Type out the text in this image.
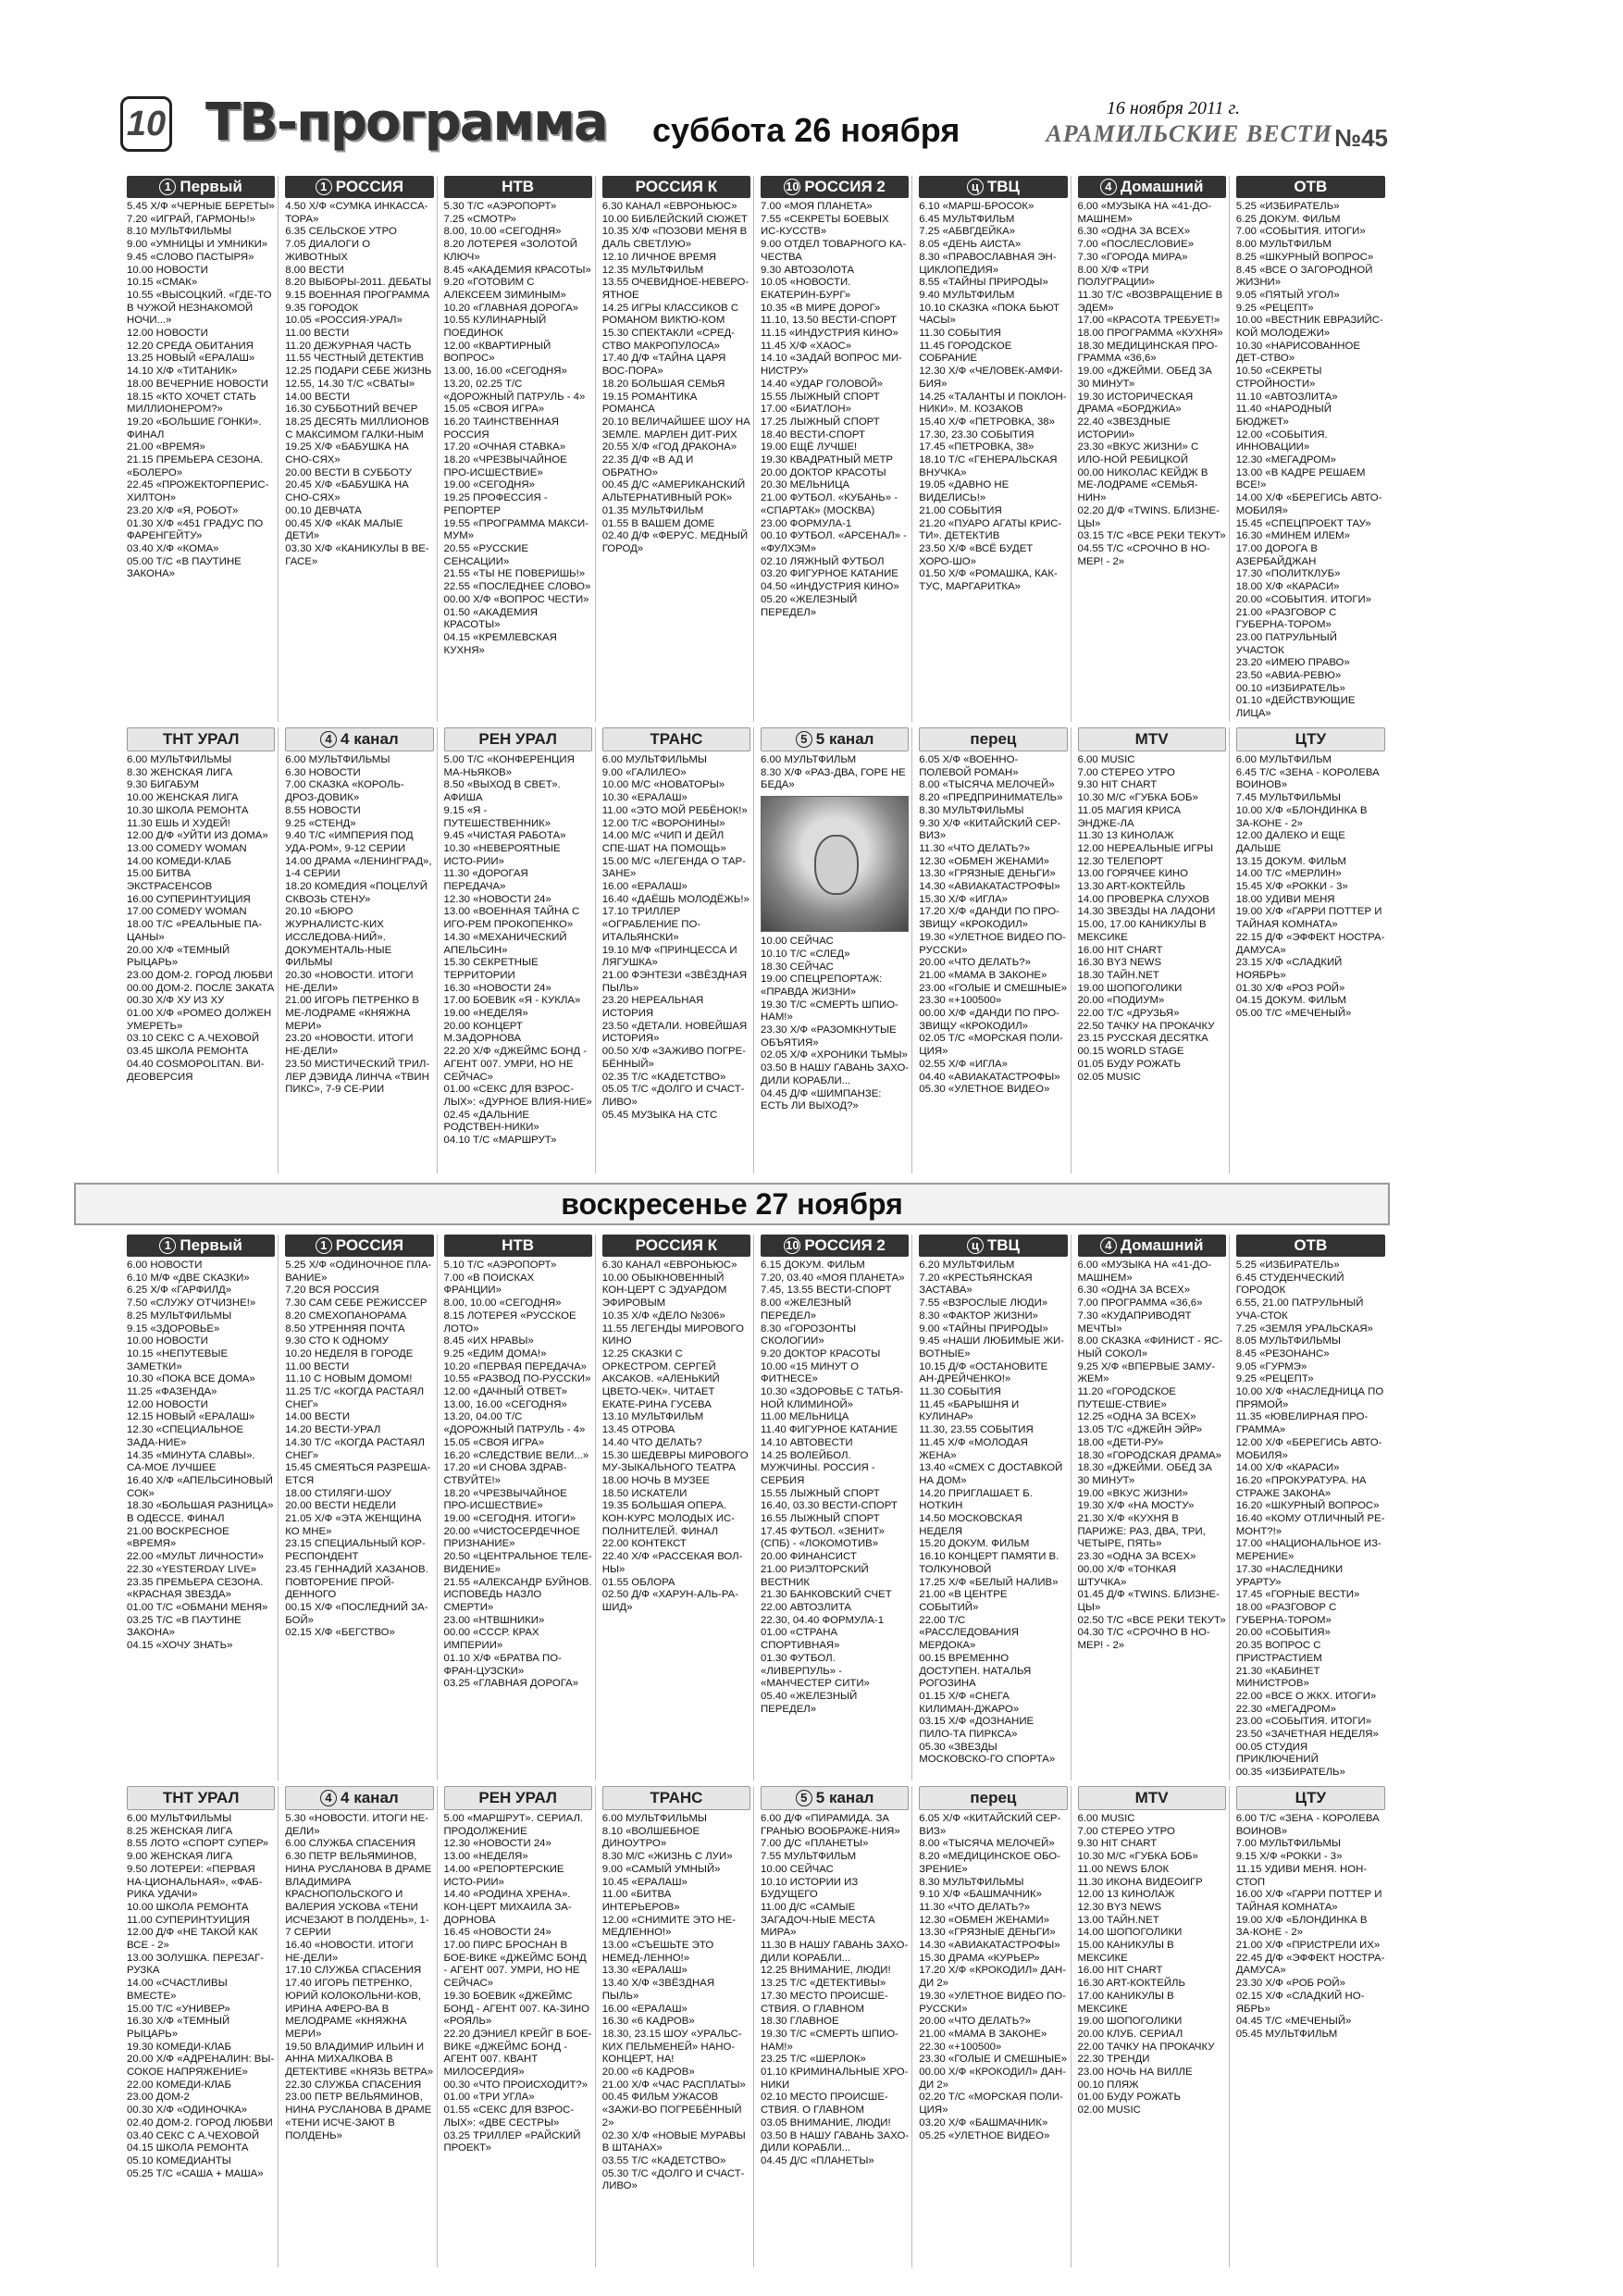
10 ТВ-программа суббота 26 ноября
16 ноября 2011 г.
АРАМИЛЬСКИЕ ВЕСТИ №45
1 Первый

5.45 Х/Ф «ЧЕРНЫЕ БЕРЕТЫ»

7.20 «ИГРАЙ, ГАРМОНЬ!»

8.10 МУЛЬТФИЛЬМЫ

9.00 «УМНИЦЫ И УМНИКИ»

9.45 «СЛОВО ПАСТЫРЯ»

10.00 НОВОСТИ

10.15 «СМАК»

10.55 «ВЫСОЦКИЙ. «ГДЕ-ТО В ЧУЖОЙ НЕЗНАКОМОЙ НОЧИ...»

12.00 НОВОСТИ

12.20 СРЕДА ОБИТАНИЯ

13.25 НОВЫЙ «ЕРАЛАШ»

14.10 Х/Ф «ТИТАНИК»

18.00 ВЕЧЕРНИЕ НОВОСТИ

18.15 «КТО ХОЧЕТ СТАТЬ МИЛЛИОНЕРОМ?»

19.20 «БОЛЬШИЕ ГОНКИ». ФИНАЛ

21.00 «ВРЕМЯ»

21.15 ПРЕМЬЕРА СЕЗОНА. «БОЛЕРО»

22.45 «ПРОЖЕКТОРПЕРИС-ХИЛТОН»

23.20 Х/Ф «Я, РОБОТ»

01.30 Х/Ф «451 ГРАДУС ПО ФАРЕНГЕЙТУ»

03.40 Х/Ф «КОМА»

05.00 Т/С «В ПАУТИНЕ ЗАКОНА»

1 РОССИЯ

4.50 Х/Ф «СУМКА ИНКАССА-ТОРА»

6.35 СЕЛЬСКОЕ УТРО

7.05 ДИАЛОГИ О ЖИВОТНЫХ

8.00 ВЕСТИ

8.20 ВЫБОРЫ-2011. ДЕБАТЫ

9.15 ВОЕННАЯ ПРОГРАММА

9.35 ГОРОДОК

10.05 «РОССИЯ-УРАЛ»

11.00 ВЕСТИ

11.20 ДЕЖУРНАЯ ЧАСТЬ

11.55 ЧЕСТНЫЙ ДЕТЕКТИВ

12.25 ПОДАРИ СЕБЕ ЖИЗНЬ

12.55, 14.30 Т/С «СВАТЫ»

14.00 ВЕСТИ

16.30 СУББОТНИЙ ВЕЧЕР

18.25 ДЕСЯТЬ МИЛЛИОНОВ С МАКСИМОМ ГАЛКИ-НЫМ

19.25 Х/Ф «БАБУШКА НА СНО-СЯХ»

20.00 ВЕСТИ В СУББОТУ

20.45 Х/Ф «БАБУШКА НА СНО-СЯХ»

00.10 ДЕВЧАТА

00.45 Х/Ф «КАК МАЛЫЕ ДЕТИ»

03.30 Х/Ф «КАНИКУЛЫ В ВЕ-ГАСЕ»

НТВ

5.30 Т/С «АЭРОПОРТ»

7.25 «СМОТР»

8.00, 10.00 «СЕГОДНЯ»

8.20 ЛОТЕРЕЯ «ЗОЛОТОЙ КЛЮЧ»

8.45 «АКАДЕМИЯ КРАСОТЫ»

9.20 «ГОТОВИМ С АЛЕКСЕЕМ ЗИМИНЫМ»

10.20 «ГЛАВНАЯ ДОРОГА»

10.55 КУЛИНАРНЫЙ ПОЕДИНОК

12.00 «КВАРТИРНЫЙ ВОПРОС»

13.00, 16.00 «СЕГОДНЯ»

13.20, 02.25 Т/С «ДОРОЖНЫЙ ПАТРУЛЬ - 4»

15.05 «СВОЯ ИГРА»

16.20 ТАИНСТВЕННАЯ РОССИЯ

17.20 «ОЧНАЯ СТАВКА»

18.20 «ЧРЕЗВЫЧАЙНОЕ ПРО-ИСШЕСТВИЕ»

19.00 «СЕГОДНЯ»

19.25 ПРОФЕССИЯ - РЕПОРТЕР

19.55 «ПРОГРАММА МАКСИ-МУМ»

20.55 «РУССКИЕ СЕНСАЦИИ»

21.55 «ТЫ НЕ ПОВЕРИШЬ!»

22.55 «ПОСЛЕДНЕЕ СЛОВО»

00.00 Х/Ф «ВОПРОС ЧЕСТИ»

01.50 «АКАДЕМИЯ КРАСОТЫ»

04.15 «КРЕМЛЕВСКАЯ КУХНЯ»

РОССИЯ К

6.30 КАНАЛ «ЕВРОНЬЮС»

10.00 БИБЛЕЙСКИЙ СЮЖЕТ

10.35 Х/Ф «ПОЗОВИ МЕНЯ В ДАЛЬ СВЕТЛУЮ»

12.10 ЛИЧНОЕ ВРЕМЯ

12.35 МУЛЬТФИЛЬМ

13.55 ОЧЕВИДНОЕ-НЕВЕРО-ЯТНОЕ

14.25 ИГРЫ КЛАССИКОВ С РОМАНОМ ВИКТЮ-КОМ

15.30 СПЕКТАКЛИ «СРЕД-СТВО МАКРОПУЛОСА»

17.40 Д/Ф «ТАЙНА ЦАРЯ ВОС-ПОРА»

18.20 БОЛЬШАЯ СЕМЬЯ

19.15 РОМАНТИКА РОМАНСА

20.10 ВЕЛИЧАЙШЕЕ ШОУ НА ЗЕМЛЕ. МАРЛЕН ДИТ-РИХ

20.55 Х/Ф «ГОД ДРАКОНА»

22.35 Д/Ф «В АД И ОБРАТНО»

00.45 Д/С «АМЕРИКАНСКИЙ АЛЬТЕРНАТИВНЫЙ РОК»

01.35 МУЛЬТФИЛЬМ

01.55 В ВАШЕМ ДОМЕ

02.40 Д/Ф «ФЕРУС. МЕДНЫЙ ГОРОД»

10 РОССИЯ 2

7.00 «МОЯ ПЛАНЕТА»

7.55 «СЕКРЕТЫ БОЕВЫХ ИС-КУССТВ»

9.00 ОТДЕЛ ТОВАРНОГО КА-ЧЕСТВА

9.30 АВТОЗОЛОТА

10.05 «НОВОСТИ. ЕКАТЕРИН-БУРГ»

10.35 «В МИРЕ ДОРОГ»

11.10, 13.50 ВЕСТИ-СПОРТ

11.15 «ИНДУСТРИЯ КИНО»

11.45 Х/Ф «ХАОС»

14.10 «ЗАДАЙ ВОПРОС МИ-НИСТРУ»

14.40 «УДАР ГОЛОВОЙ»

15.55 ЛЫЖНЫЙ СПОРТ

17.00 «БИАТЛОН»

17.25 ЛЫЖНЫЙ СПОРТ

18.40 ВЕСТИ-СПОРТ

19.00 ЕЩЁ ЛУЧШЕ!

19.30 КВАДРАТНЫЙ МЕТР

20.00 ДОКТОР КРАСОТЫ

20.30 МЕЛЬНИЦА

21.00 ФУТБОЛ. «КУБАНЬ» - «СПАРТАК» (МОСКВА)

23.00 ФОРМУЛА-1

00.10 ФУТБОЛ. «АРСЕНАЛ» - «ФУЛХЭМ»

02.10 ЛЯЖНЫЙ ФУТБОЛ

03.20 ФИГУРНОЕ КАТАНИЕ

04.50 «ИНДУСТРИЯ КИНО»

05.20 «ЖЕЛЕЗНЫЙ ПЕРЕДЕЛ»

ц ТВЦ

6.10 «МАРШ-БРОСОК»

6.45 МУЛЬТФИЛЬМ

7.25 «АБВГДЕЙКА»

8.05 «ДЕНЬ АИСТА»

8.30 «ПРАВОСЛАВНАЯ ЭН-ЦИКЛОПЕДИЯ»

8.55 «ТАЙНЫ ПРИРОДЫ»

9.40 МУЛЬТФИЛЬМ

10.10 СКАЗКА «ПОКА БЬЮТ ЧАСЫ»

11.30 СОБЫТИЯ

11.45 ГОРОДСКОЕ СОБРАНИЕ

12.30 Х/Ф «ЧЕЛОВЕК-АМФИ-БИЯ»

14.25 «ТАЛАНТЫ И ПОКЛОН-НИКИ». М. КОЗАКОВ

15.40 Х/Ф «ПЕТРОВКА, 38»

17.30, 23.30 СОБЫТИЯ

17.45 «ПЕТРОВКА, 38»

18.10 Т/С «ГЕНЕРАЛЬСКАЯ ВНУЧКА»

19.05 «ДАВНО НЕ ВИДЕЛИСЬ!»

21.00 СОБЫТИЯ

21.20 «ПУАРО АГАТЫ КРИС-ТИ». ДЕТЕКТИВ

23.50 Х/Ф «ВСЁ БУДЕТ ХОРО-ШО»

01.50 Х/Ф «РОМАШКА, КАК-ТУС, МАРГАРИТКА»

4 Домашний

6.00 «МУЗЫКА НА «41-ДО-МАШНЕМ»

6.30 «ОДНА ЗА ВСЕХ»

7.00 «ПОСЛЕСЛОВИЕ»

7.30 «ГОРОДА МИРА»

8.00 Х/Ф «ТРИ ПОЛУГРАЦИИ»

11.30 Т/С «ВОЗВРАЩЕНИЕ В ЭДЕМ»

17.00 «КРАСОТА ТРЕБУЕТ!»

18.00 ПРОГРАММА «КУХНЯ»

18.30 МЕДИЦИНСКАЯ ПРО-ГРАММА «36,6»

19.00 «ДЖЕЙМИ. ОБЕД ЗА 30 МИНУТ»

19.30 ИСТОРИЧЕСКАЯ ДРАМА «БОРДЖИА»

22.40 «ЗВЕЗДНЫЕ ИСТОРИИ»

23.30 «ВКУС ЖИЗНИ» С ИЛО-НОЙ РЕБИЦКОЙ

00.00 НИКОЛАС КЕЙДЖ В МЕ-ЛОДРАМЕ «СЕМЬЯ-НИН»

02.20 Д/Ф «TWINS. БЛИЗНЕ-ЦЫ»

03.15 Т/С «ВСЕ РЕКИ ТЕКУТ»

04.55 Т/С «СРОЧНО В НО-МЕР! - 2»

ОТВ

5.25 «ИЗБИРАТЕЛЬ»

6.25 ДОКУМ. ФИЛЬМ

7.00 «СОБЫТИЯ. ИТОГИ»

8.00 МУЛЬТФИЛЬМ

8.25 «ШКУРНЫЙ ВОПРОС»

8.45 «ВСЕ О ЗАГОРОДНОЙ ЖИЗНИ»

9.05 «ПЯТЫЙ УГОЛ»

9.25 «РЕЦЕПТ»

10.00 «ВЕСТНИК ЕВРАЗИЙС-КОЙ МОЛОДЕЖИ»

10.30 «НАРИСОВАННОЕ ДЕТ-СТВО»

10.50 «СЕКРЕТЫ СТРОЙНОСТИ»

11.10 «АВТОЗЛИТА»

11.40 «НАРОДНЫЙ БЮДЖЕТ»

12.00 «СОБЫТИЯ. ИННОВАЦИИ»

12.30 «МЕГАДРОМ»

13.00 «В КАДРЕ РЕШАЕМ ВСЕ!»

14.00 Х/Ф «БЕРЕГИСЬ АВТО-МОБИЛЯ»

15.45 «СПЕЦПРОЕКТ ТАУ»

16.30 «МИНЕМ ИЛЕМ»

17.00 ДОРОГА В АЗЕРБАЙДЖАН

17.30 «ПОЛИТКЛУБ»

18.00 Х/Ф «КАРАСИ»

20.00 «СОБЫТИЯ. ИТОГИ»

21.00 «РАЗГОВОР С ГУБЕРНА-ТОРОМ»

23.00 ПАТРУЛЬНЫЙ УЧАСТОК

23.20 «ИМЕЮ ПРАВО»

23.50 «АВИА-РЕВЮ»

00.10 «ИЗБИРАТЕЛЬ»

01.10 «ДЕЙСТВУЮЩИЕ ЛИЦА»

ТНТ УРАЛ

6.00 МУЛЬТФИЛЬМЫ

8.30 ЖЕНСКАЯ ЛИГА

9.30 БИГАБУМ

10.00 ЖЕНСКАЯ ЛИГА

10.30 ШКОЛА РЕМОНТА

11.30 ЕШЬ И ХУДЕЙ!

12.00 Д/Ф «УЙТИ ИЗ ДОМА»

13.00 COMEDY WOMAN

14.00 КОМЕДИ-КЛАБ

15.00 БИТВА ЭКСТРАСЕНСОВ

16.00 СУПЕРИНТУИЦИЯ

17.00 COMEDY WOMAN

18.00 Т/С «РЕАЛЬНЫЕ ПА-ЦАНЫ»

20.00 Х/Ф «ТЕМНЫЙ РЫЦАРЬ»

23.00 ДОМ-2. ГОРОД ЛЮБВИ

00.00 ДОМ-2. ПОСЛЕ ЗАКАТА

00.30 Х/Ф ХУ ИЗ ХУ

01.00 Х/Ф «РОМЕО ДОЛЖЕН УМЕРЕТЬ»

03.10 СЕКС С А.ЧЕХОВОЙ

03.45 ШКОЛА РЕМОНТА

04.40 COSMOPOLITAN. ВИ-ДЕОВЕРСИЯ

4 4 канал

6.00 МУЛЬТФИЛЬМЫ

6.30 НОВОСТИ

7.00 СКАЗКА «КОРОЛЬ-ДРОЗ-ДОВИК»

8.55 НОВОСТИ

9.25 «СТЕНД»

9.40 Т/С «ИМПЕРИЯ ПОД УДА-РОМ», 9-12 СЕРИИ

14.00 ДРАМА «ЛЕНИНГРАД», 1-4 СЕРИИ

18.20 КОМЕДИЯ «ПОЦЕЛУЙ СКВОЗЬ СТЕНУ»

20.10 «БЮРО ЖУРНАЛИСТС-КИХ ИССЛЕДОВА-НИЙ». ДОКУМЕНТАЛЬ-НЫЕ ФИЛЬМЫ

20.30 «НОВОСТИ. ИТОГИ НЕ-ДЕЛИ»

21.00 ИГОРЬ ПЕТРЕНКО В МЕ-ЛОДРАМЕ «КНЯЖНА МЕРИ»

23.20 «НОВОСТИ. ИТОГИ НЕ-ДЕЛИ»

23.50 МИСТИЧЕСКИЙ ТРИЛ-ЛЕР ДЭВИДА ЛИНЧА «ТВИН ПИКС», 7-9 СЕ-РИИ

РЕН УРАЛ

5.00 Т/С «КОНФЕРЕНЦИЯ МА-НЬЯКОВ»

8.50 «ВЫХОД В СВЕТ». АФИША

9.15 «Я - ПУТЕШЕСТВЕННИК»

9.45 «ЧИСТАЯ РАБОТА»

10.30 «НЕВЕРОЯТНЫЕ ИСТО-РИИ»

11.30 «ДОРОГАЯ ПЕРЕДАЧА»

12.30 «НОВОСТИ 24»

13.00 «ВОЕННАЯ ТАЙНА С ИГО-РЕМ ПРОКОПЕНКО»

14.30 «МЕХАНИЧЕСКИЙ АПЕЛЬСИН»

15.30 СЕКРЕТНЫЕ ТЕРРИТОРИИ

16.30 «НОВОСТИ 24»

17.00 БОЕВИК «Я - КУКЛА»

19.00 «НЕДЕЛЯ»

20.00 КОНЦЕРТ М.ЗАДОРНОВА

22.20 Х/Ф «ДЖЕЙМС БОНД - АГЕНТ 007. УМРИ, НО НЕ СЕЙЧАС»

01.00 «СЕКС ДЛЯ ВЗРОС-ЛЫХ»: «ДУРНОЕ ВЛИЯ-НИЕ»

02.45 «ДАЛЬНИЕ РОДСТВЕН-НИКИ»

04.10 Т/С «МАРШРУТ»

ТРАНС

6.00 МУЛЬТФИЛЬМЫ

9.00 «ГАЛИЛЕО»

10.00 М/С «НОВАТОРЫ»

10.30 «ЕРАЛАШ»

11.00 «ЭТО МОЙ РЕБЁНОК!»

12.00 Т/С «ВОРОНИНЫ»

14.00 М/С «ЧИП И ДЕЙЛ СПЕ-ШАТ НА ПОМОЩЬ»

15.00 М/С «ЛЕГЕНДА О ТАР-ЗАНЕ»

16.00 «ЕРАЛАШ»

16.40 «ДАЁШЬ МОЛОДЁЖЬ!»

17.10 ТРИЛЛЕР «ОГРАБЛЕНИЕ ПО-ИТАЛЬЯНСКИ»

19.10 М/Ф «ПРИНЦЕССА И ЛЯГУШКА»

21.00 ФЭНТЕЗИ «ЗВЁЗДНАЯ ПЫЛЬ»

23.20 НЕРЕАЛЬНАЯ ИСТОРИЯ

23.50 «ДЕТАЛИ. НОВЕЙШАЯ ИСТОРИЯ»

00.50 Х/Ф «ЗАЖИВО ПОГРЕ-БЁННЫЙ»

02.35 Т/С «КАДЕТСТВО»

05.05 Т/С «ДОЛГО И СЧАСТ-ЛИВО»

05.45 МУЗЫКА НА СТС

5 5 канал

6.00 МУЛЬТФИЛЬМ

8.30 Х/Ф «РАЗ-ДВА, ГОРЕ НЕ БЕДА»

10.00 СЕЙЧАС

10.10 Т/С «СЛЕД»

18.30 СЕЙЧАС

19.00 СПЕЦРЕПОРТАЖ: «ПРАВДА ЖИЗНИ»

19.30 Т/С «СМЕРТЬ ШПИО-НАМ!»

23.30 Х/Ф «РАЗОМКНУТЫЕ ОБЪЯТИЯ»

02.05 Х/Ф «ХРОНИКИ ТЬМЫ»

03.50 В НАШУ ГАВАНЬ ЗАХО-ДИЛИ КОРАБЛИ...

04.45 Д/Ф «ШИМПАНЗЕ: ЕСТЬ ЛИ ВЫХОД?»

перец

6.05 Х/Ф «ВОЕННО-ПОЛЕВОЙ РОМАН»

8.00 «ТЫСЯЧА МЕЛОЧЕЙ»

8.20 «ПРЕДПРИНИМАТЕЛЬ»

8.30 МУЛЬТФИЛЬМЫ

9.30 Х/Ф «КИТАЙСКИЙ СЕР-ВИЗ»

11.30 «ЧТО ДЕЛАТЬ?»

12.30 «ОБМЕН ЖЕНАМИ»

13.30 «ГРЯЗНЫЕ ДЕНЬГИ»

14.30 «АВИАКАТАСТРОФЫ»

15.30 Х/Ф «ИГЛА»

17.20 Х/Ф «ДАНДИ ПО ПРО-ЗВИЩУ «КРОКОДИЛ»

19.30 «УЛЕТНОЕ ВИДЕО ПО-РУССКИ»

20.00 «ЧТО ДЕЛАТЬ?»

21.00 «МАМА В ЗАКОНЕ»

23.00 «ГОЛЫЕ И СМЕШНЫЕ»

23.30 «+100500»

00.00 Х/Ф «ДАНДИ ПО ПРО-ЗВИЩУ «КРОКОДИЛ»

02.05 Т/С «МОРСКАЯ ПОЛИ-ЦИЯ»

02.55 Х/Ф «ИГЛА»

04.40 «АВИАКАТАСТРОФЫ»

05.30 «УЛЕТНОЕ ВИДЕО»

MTV

6.00 MUSIC

7.00 СТЕРЕО УТРО

9.30 HIT CHART

10.30 М/С «ГУБКА БОБ»

11.05 МАГИЯ КРИСА ЭНДЖЕ-ЛА

11.30 13 КИНОЛАЖ

12.00 НЕРЕАЛЬНЫЕ ИГРЫ

12.30 ТЕЛЕПОРТ

13.00 ГОРЯЧЕЕ КИНО

13.30 ART-КОКТЕЙЛЬ

14.00 ПРОВЕРКА СЛУХОВ

14.30 ЗВЕЗДЫ НА ЛАДОНИ

15.00, 17.00 КАНИКУЛЫ В МЕКСИКЕ

16.00 HIT CHART

16.30 BY3 NEWS

18.30 ТАЙН.NET

19.00 ШОПОГОЛИКИ

20.00 «ПОДИУМ»

22.00 Т/С «ДРУЗЬЯ»

22.50 ТАЧКУ НА ПРОКАЧКУ

23.15 РУССКАЯ ДЕСЯТКА

00.15 WORLD STAGE

01.05 БУДУ РОЖАТЬ

02.05 MUSIC

ЦТУ

6.00 МУЛЬТФИЛЬМ

6.45 Т/С «ЗЕНА - КОРОЛЕВА ВОИНОВ»

7.45 МУЛЬТФИЛЬМЫ

10.00 Х/Ф «БЛОНДИНКА В ЗА-КОНЕ - 2»

12.00 ДАЛЕКО И ЕЩЕ ДАЛЬШЕ

13.15 ДОКУМ. ФИЛЬМ

14.00 Т/С «МЕРЛИН»

15.45 Х/Ф «РОККИ - 3»

18.00 УДИВИ МЕНЯ

19.00 Х/Ф «ГАРРИ ПОТТЕР И ТАЙНАЯ КОМНАТА»

22.15 Д/Ф «ЭФФЕКТ НОСТРА-ДАМУСА»

23.15 Х/Ф «СЛАДКИЙ НОЯБРЬ»

01.30 Х/Ф «РОЗ РОЙ»

04.15 ДОКУМ. ФИЛЬМ

05.00 Т/С «МЕЧЕНЫЙ»

воскресенье 27 ноября
1 Первый

6.00 НОВОСТИ

6.10 М/Ф «ДВЕ СКАЗКИ»

6.25 Х/Ф «ГАРФИЛД»

7.50 «СЛУЖУ ОТЧИЗНЕ!»

8.25 МУЛЬТФИЛЬМЫ

9.15 «ЗДОРОВЬЕ»

10.00 НОВОСТИ

10.15 «НЕПУТЕВЫЕ ЗАМЕТКИ»

10.30 «ПОКА ВСЕ ДОМА»

11.25 «ФАЗЕНДА»

12.00 НОВОСТИ

12.15 НОВЫЙ «ЕРАЛАШ»

12.30 «СПЕЦИАЛЬНОЕ ЗАДА-НИЕ»

14.35 «МИНУТА СЛАВЫ». СА-МОЕ ЛУЧШЕЕ

16.40 Х/Ф «АПЕЛЬСИНОВЫЙ СОК»

18.30 «БОЛЬШАЯ РАЗНИЦА» В ОДЕССЕ. ФИНАЛ

21.00 ВОСКРЕСНОЕ «ВРЕМЯ»

22.00 «МУЛЬТ ЛИЧНОСТИ»

22.30 «YESTERDAY LIVE»

23.35 ПРЕМЬЕРА СЕЗОНА. «КРАСНАЯ ЗВЕЗДА»

01.00 Т/С «ОБМАНИ МЕНЯ»

03.25 Т/С «В ПАУТИНЕ ЗАКОНА»

04.15 «ХОЧУ ЗНАТЬ»

1 РОССИЯ

5.25 Х/Ф «ОДИНОЧНОЕ ПЛА-ВАНИЕ»

7.20 ВСЯ РОССИЯ

7.30 САМ СЕБЕ РЕЖИССЕР

8.20 СМЕХОПАНОРАМА

8.50 УТРЕННЯЯ ПОЧТА

9.30 СТО К ОДНОМУ

10.20 НЕДЕЛЯ В ГОРОДЕ

11.00 ВЕСТИ

11.10 С НОВЫМ ДОМОМ!

11.25 Т/С «КОГДА РАСТАЯЛ СНЕГ»

14.00 ВЕСТИ

14.20 ВЕСТИ-УРАЛ

14.30 Т/С «КОГДА РАСТАЯЛ СНЕГ»

15.45 СМЕЯТЬСЯ РАЗРЕША-ЕТСЯ

18.00 СТИЛЯГИ-ШОУ

20.00 ВЕСТИ НЕДЕЛИ

21.05 Х/Ф «ЭТА ЖЕНЩИНА КО МНЕ»

23.15 СПЕЦИАЛЬНЫЙ КОР-РЕСПОНДЕНТ

23.45 ГЕННАДИЙ ХАЗАНОВ. ПОВТОРЕНИЕ ПРОЙ-ДЕННОГО

00.15 Х/Ф «ПОСЛЕДНИЙ ЗА-БОЙ»

02.15 Х/Ф «БЕГСТВО»

НТВ

5.10 Т/С «АЭРОПОРТ»

7.00 «В ПОИСКАХ ФРАНЦИИ»

8.00, 10.00 «СЕГОДНЯ»

8.15 ЛОТЕРЕЯ «РУССКОЕ ЛОТО»

8.45 «ИХ НРАВЫ»

9.25 «ЕДИМ ДОМА!»

10.20 «ПЕРВАЯ ПЕРЕДАЧА»

10.55 «РАЗВОД ПО-РУССКИ»

12.00 «ДАЧНЫЙ ОТВЕТ»

13.00, 16.00 «СЕГОДНЯ»

13.20, 04.00 Т/С «ДОРОЖНЫЙ ПАТРУЛЬ - 4»

15.05 «СВОЯ ИГРА»

16.20 «СЛЕДСТВИЕ ВЕЛИ...»

17.20 «И СНОВА ЗДРАВ-СТВУЙТЕ!»

18.20 «ЧРЕЗВЫЧАЙНОЕ ПРО-ИСШЕСТВИЕ»

19.00 «СЕГОДНЯ. ИТОГИ»

20.00 «ЧИСТОСЕРДЕЧНОЕ ПРИЗНАНИЕ»

20.50 «ЦЕНТРАЛЬНОЕ ТЕЛЕ-ВИДЕНИЕ»

21.55 «АЛЕКСАНДР БУЙНОВ. ИСПОВЕДЬ НАЗЛО СМЕРТИ»

23.00 «НТВШНИКИ»

00.00 «СССР. КРАХ ИМПЕРИИ»

01.10 Х/Ф «БРАТВА ПО-ФРАН-ЦУЗСКИ»

03.25 «ГЛАВНАЯ ДОРОГА»

РОССИЯ К

6.30 КАНАЛ «ЕВРОНЬЮС»

10.00 ОБЫКНОВЕННЫЙ КОН-ЦЕРТ С ЭДУАРДОМ ЭФИРОВЫМ

10.35 Х/Ф «ДЕЛО №306»

11.55 ЛЕГЕНДЫ МИРОВОГО КИНО

12.25 СКАЗКИ С ОРКЕСТРОМ. СЕРГЕЙ АКСАКОВ. «АЛЕНЬКИЙ ЦВЕТО-ЧЕК». ЧИТАЕТ ЕКАТЕ-РИНА ГУСЕВА

13.10 МУЛЬТФИЛЬМ

13.45 ОТРОВА

14.40 ЧТО ДЕЛАТЬ?

15.30 ШЕДЕВРЫ МИРОВОГО МУ-ЗЫКАЛЬНОГО ТЕАТРА

18.00 НОЧЬ В МУЗЕЕ

18.50 ИСКАТЕЛИ

19.35 БОЛЬШАЯ ОПЕРА. КОН-КУРС МОЛОДЫХ ИС-ПОЛНИТЕЛЕЙ. ФИНАЛ

22.00 КОНТЕКСТ

22.40 Х/Ф «РАССЕКАЯ ВОЛ-НЫ»

01.55 ОБЛОРА

02.50 Д/Ф «ХАРУН-АЛЬ-РА-ШИД»

10 РОССИЯ 2

6.15 ДОКУМ. ФИЛЬМ

7.20, 03.40 «МОЯ ПЛАНЕТА»

7.45, 13.55 ВЕСТИ-СПОРТ

8.00 «ЖЕЛЕЗНЫЙ ПЕРЕДЕЛ»

8.30 «ГОРОЗОНТЫ СКОЛОГИИ»

9.20 ДОКТОР КРАСОТЫ

10.00 «15 МИНУТ О ФИТНЕСЕ»

10.30 «ЗДОРОВЬЕ С ТАТЬЯ-НОЙ КЛИМИНОЙ»

11.00 МЕЛЬНИЦА

11.40 ФИГУРНОЕ КАТАНИЕ

14.10 АВТОВЕСТИ

14.25 ВОЛЕЙБОЛ. МУЖЧИНЫ. РОССИЯ - СЕРБИЯ

15.55 ЛЫЖНЫЙ СПОРТ

16.40, 03.30 ВЕСТИ-СПОРТ

16.55 ЛЫЖНЫЙ СПОРТ

17.45 ФУТБОЛ. «ЗЕНИТ» (СПБ) - «ЛОКОМОТИВ»

20.00 ФИНАНСИСТ

21.00 РИЭЛТОРСКИЙ ВЕСТНИК

21.30 БАНКОВСКИЙ СЧЕТ

22.00 АВТОЗЛИТА

22.30, 04.40 ФОРМУЛА-1

01.00 «СТРАНА СПОРТИВНАЯ»

01.30 ФУТБОЛ. «ЛИВЕРПУЛЬ» - «МАНЧЕСТЕР СИТИ»

05.40 «ЖЕЛЕЗНЫЙ ПЕРЕДЕЛ»

ц ТВЦ

6.20 МУЛЬТФИЛЬМ

7.20 «КРЕСТЬЯНСКАЯ ЗАСТАВА»

7.55 «ВЗРОСЛЫЕ ЛЮДИ»

8.30 «ФАКТОР ЖИЗНИ»

9.00 «ТАЙНЫ ПРИРОДЫ»

9.45 «НАШИ ЛЮБИМЫЕ ЖИ-ВОТНЫЕ»

10.15 Д/Ф «ОСТАНОВИТЕ АН-ДРЕЙЧЕНКО!»

11.30 СОБЫТИЯ

11.45 «БАРЫШНЯ И КУЛИНАР»

11.30, 23.55 СОБЫТИЯ

11.45 Х/Ф «МОЛОДАЯ ЖЕНА»

13.40 «СМЕХ С ДОСТАВКОЙ НА ДОМ»

14.20 ПРИГЛАШАЕТ Б. НОТКИН

14.50 МОСКОВСКАЯ НЕДЕЛЯ

15.20 ДОКУМ. ФИЛЬМ

16.10 КОНЦЕРТ ПАМЯТИ В. ТОЛКУНОВОЙ

17.25 Х/Ф «БЕЛЫЙ НАЛИВ»

21.00 «В ЦЕНТРЕ СОБЫТИЙ»

22.00 Т/С «РАССЛЕДОВАНИЯ МЕРДОКА»

00.15 ВРЕМЕННО ДОСТУПЕН. НАТАЛЬЯ РОГОЗИНА

01.15 Х/Ф «СНЕГА КИЛИМАН-ДЖАРО»

03.15 Х/Ф «ДОЗНАНИЕ ПИЛО-ТА ПИРКСА»

05.30 «ЗВЕЗДЫ МОСКОВСКО-ГО СПОРТА»

4 Домашний

6.00 «МУЗЫКА НА «41-ДО-МАШНЕМ»

6.30 «ОДНА ЗА ВСЕХ»

7.00 ПРОГРАММА «36,6»

7.30 «КУДАПРИВОДЯТ МЕЧТЫ»

8.00 СКАЗКА «ФИНИСТ - ЯС-НЫЙ СОКОЛ»

9.25 Х/Ф «ВПЕРВЫЕ ЗАМУ-ЖЕМ»

11.20 «ГОРОДСКОЕ ПУТЕШЕ-СТВИЕ»

12.25 «ОДНА ЗА ВСЕХ»

13.05 Т/С «ДЖЕЙН ЭЙР»

18.00 «ДЕТИ-РУ»

18.30 «ГОРОДСКАЯ ДРАМА»

18.30 «ДЖЕЙМИ. ОБЕД ЗА 30 МИНУТ»

19.00 «ВКУС ЖИЗНИ»

19.30 Х/Ф «НА МОСТУ»

21.30 Х/Ф «КУХНЯ В ПАРИЖЕ: РАЗ, ДВА, ТРИ, ЧЕТЫРЕ, ПЯТЬ»

23.30 «ОДНА ЗА ВСЕХ»

00.00 Х/Ф «ТОНКАЯ ШТУЧКА»

01.45 Д/Ф «TWINS. БЛИЗНЕ-ЦЫ»

02.50 Т/С «ВСЕ РЕКИ ТЕКУТ»

04.30 Т/С «СРОЧНО В НО-МЕР! - 2»

ОТВ

5.25 «ИЗБИРАТЕЛЬ»

6.45 СТУДЕНЧЕСКИЙ ГОРОДОК

6.55, 21.00 ПАТРУЛЬНЫЙ УЧА-СТОК

7.25 «ЗЕМЛЯ УРАЛЬСКАЯ»

8.05 МУЛЬТФИЛЬМЫ

8.45 «РЕЗОНАНС»

9.05 «ГУРМЭ»

9.25 «РЕЦЕПТ»

10.00 Х/Ф «НАСЛЕДНИЦА ПО ПРЯМОЙ»

11.35 «ЮВЕЛИРНАЯ ПРО-ГРАММА»

12.00 Х/Ф «БЕРЕГИСЬ АВТО-МОБИЛЯ»

14.00 Х/Ф «КАРАСИ»

16.20 «ПРОКУРАТУРА. НА СТРАЖЕ ЗАКОНА»

16.20 «ШКУРНЫЙ ВОПРОС»

16.40 «КОМУ ОТЛИЧНЫЙ РЕ-МОНТ?!»

17.00 «НАЦИОНАЛЬНОЕ ИЗ-МЕРЕНИЕ»

17.30 «НАСЛЕДНИКИ УРАРТУ»

17.45 «ГОРНЫЕ ВЕСТИ»

18.00 «РАЗГОВОР С ГУБЕРНА-ТОРОМ»

20.00 «СОБЫТИЯ»

20.35 ВОПРОС С ПРИСТРАСТИЕМ

21.30 «КАБИНЕТ МИНИСТРОВ»

22.00 «ВСЕ О ЖКХ. ИТОГИ»

22.30 «МЕГАДРОМ»

23.00 «СОБЫТИЯ. ИТОГИ»

23.50 «ЗАЧЕТНАЯ НЕДЕЛЯ»

00.05 СТУДИЯ ПРИКЛЮЧЕНИЙ

00.35 «ИЗБИРАТЕЛЬ»

ТНТ УРАЛ

6.00 МУЛЬТФИЛЬМЫ

8.25 ЖЕНСКАЯ ЛИГА

8.55 ЛОТО «СПОРТ СУПЕР»

9.00 ЖЕНСКАЯ ЛИГА

9.50 ЛОТЕРЕИ: «ПЕРВАЯ НА-ЦИОНАЛЬНАЯ», «ФАБ-РИКА УДАЧИ»

10.00 ШКОЛА РЕМОНТА

11.00 СУПЕРИНТУИЦИЯ

12.00 Д/Ф «НЕ ТАКОЙ КАК ВСЕ - 2»

13.00 ЗОЛУШКА. ПЕРЕЗАГ-РУЗКА

14.00 «СЧАСТЛИВЫ ВМЕСТЕ»

15.00 Т/С «УНИВЕР»

16.30 Х/Ф «ТЕМНЫЙ РЫЦАРЬ»

19.30 КОМЕДИ-КЛАБ

20.00 Х/Ф «АДРЕНАЛИН: ВЫ-СОКОЕ НАПРЯЖЕНИЕ»

22.00 КОМЕДИ-КЛАБ

23.00 ДОМ-2

00.30 Х/Ф «ОДИНОЧКА»

02.40 ДОМ-2. ГОРОД ЛЮБВИ

03.40 СЕКС С А.ЧЕХОВОЙ

04.15 ШКОЛА РЕМОНТА

05.10 КОМЕДИАНТЫ

05.25 Т/С «САША + МАША»

4 4 канал

5.30 «НОВОСТИ. ИТОГИ НЕ-ДЕЛИ»

6.00 СЛУЖБА СПАСЕНИЯ

6.30 ПЕТР ВЕЛЬЯМИНОВ, НИНА РУСЛАНОВА В ДРАМЕ ВЛАДИМИРА КРАСНОПОЛЬСКОГО И ВАЛЕРИЯ УСКОВА «ТЕНИ ИСЧЕЗАЮТ В ПОЛДЕНЬ», 1-7 СЕРИИ

16.40 «НОВОСТИ. ИТОГИ НЕ-ДЕЛИ»

17.10 СЛУЖБА СПАСЕНИЯ

17.40 ИГОРЬ ПЕТРЕНКО, ЮРИЙ КОЛОКОЛЬНИ-КОВ, ИРИНА АФЕРО-ВА В МЕЛОДРАМЕ «КНЯЖНА МЕРИ»

19.50 ВЛАДИМИР ИЛЬИН И АННА МИХАЛКОВА В ДЕТЕКТИВЕ «КНЯЗЬ ВЕТРА»

22.30 СЛУЖБА СПАСЕНИЯ

23.00 ПЕТР ВЕЛЬЯМИНОВ, НИНА РУСЛАНОВА В ДРАМЕ «ТЕНИ ИСЧЕ-ЗАЮТ В ПОЛДЕНЬ»

РЕН УРАЛ

5.00 «МАРШРУТ». СЕРИАЛ. ПРОДОЛЖЕНИЕ

12.30 «НОВОСТИ 24»

13.00 «НЕДЕЛЯ»

14.00 «РЕПОРТЕРСКИЕ ИСТО-РИИ»

14.40 «РОДИНА ХРЕНА». КОН-ЦЕРТ МИХАИЛА ЗА-ДОРНОВА

16.45 «НОВОСТИ 24»

17.00 ПИРС БРОСНАН В БОЕ-ВИКЕ «ДЖЕЙМС БОНД - АГЕНТ 007. УМРИ, НО НЕ СЕЙЧАС»

19.30 БОЕВИК «ДЖЕЙМС БОНД - АГЕНТ 007. КА-ЗИНО «РОЯЛЬ»

22.20 ДЭНИЕЛ КРЕЙГ В БОЕ-ВИКЕ «ДЖЕЙМС БОНД - АГЕНТ 007. КВАНТ МИЛОСЕРДИЯ»

00.30 «ЧТО ПРОИСХОДИТ?»

01.00 «ТРИ УГЛА»

01.55 «СЕКС ДЛЯ ВЗРОС-ЛЫХ»: «ДВЕ СЕСТРЫ»

03.25 ТРИЛЛЕР «РАЙСКИЙ ПРОЕКТ»

ТРАНС

6.00 МУЛЬТФИЛЬМЫ

8.10 «ВОЛШЕБНОЕ ДИНОУТРО»

8.30 М/С «ЖИЗНЬ С ЛУИ»

9.00 «САМЫЙ УМНЫЙ»

10.45 «ЕРАЛАШ»

11.00 «БИТВА ИНТЕРЬЕРОВ»

12.00 «СНИМИТЕ ЭТО НЕ-МЕДЛЕННО!»

13.00 «СЪЕШЬТЕ ЭТО НЕМЕД-ЛЕННО!»

13.30 «ЕРАЛАШ»

13.40 Х/Ф «ЗВЁЗДНАЯ ПЫЛЬ»

16.00 «ЕРАЛАШ»

16.30 «6 КАДРОВ»

18.30, 23.15 ШОУ «УРАЛЬС-КИХ ПЕЛЬМЕНЕЙ» НАНО-КОНЦЕРТ, НА!

20.00 «6 КАДРОВ»

21.00 Х/Ф «ЧАС РАСПЛАТЫ»

00.45 ФИЛЬМ УЖАСОВ «ЗАЖИ-ВО ПОГРЕБЁННЫЙ 2»

02.30 Х/Ф «НОВЫЕ МУРАВЫ В ШТАНАХ»

03.55 Т/С «КАДЕТСТВО»

05.30 Т/С «ДОЛГО И СЧАСТ-ЛИВО»

5 5 канал

6.00 Д/Ф «ПИРАМИДА. ЗА ГРАНЬЮ ВООБРАЖЕ-НИЯ»

7.00 Д/С «ПЛАНЕТЫ»

7.55 МУЛЬТФИЛЬМ

10.00 СЕЙЧАС

10.10 ИСТОРИИ ИЗ БУДУЩЕГО

11.00 Д/С «САМЫЕ ЗАГАДОЧ-НЫЕ МЕСТА МИРА»

11.30 В НАШУ ГАВАНЬ ЗАХО-ДИЛИ КОРАБЛИ...

12.25 ВНИМАНИЕ, ЛЮДИ!

13.25 Т/С «ДЕТЕКТИВЫ»

17.30 МЕСТО ПРОИСШЕ-СТВИЯ. О ГЛАВНОМ

18.30 ГЛАВНОЕ

19.30 Т/С «СМЕРТЬ ШПИО-НАМ!»

23.25 Т/С «ШЕРЛОК»

01.10 КРИМИНАЛЬНЫЕ ХРО-НИКИ

02.10 МЕСТО ПРОИСШЕ-СТВИЯ. О ГЛАВНОМ

03.05 ВНИМАНИЕ, ЛЮДИ!

03.50 В НАШУ ГАВАНЬ ЗАХО-ДИЛИ КОРАБЛИ...

04.45 Д/С «ПЛАНЕТЫ»

перец

6.05 Х/Ф «КИТАЙСКИЙ СЕР-ВИЗ»

8.00 «ТЫСЯЧА МЕЛОЧЕЙ»

8.20 «МЕДИЦИНСКОЕ ОБО-ЗРЕНИЕ»

8.30 МУЛЬТФИЛЬМЫ

9.10 Х/Ф «БАШМАЧНИК»

11.30 «ЧТО ДЕЛАТЬ?»

12.30 «ОБМЕН ЖЕНАМИ»

13.30 «ГРЯЗНЫЕ ДЕНЬГИ»

14.30 «АВИАКАТАСТРОФЫ»

15.30 ДРАМА «КУРЬЕР»

17.20 Х/Ф «КРОКОДИЛ» ДАН-ДИ 2»

19.30 «УЛЕТНОЕ ВИДЕО ПО-РУССКИ»

20.00 «ЧТО ДЕЛАТЬ?»

21.00 «МАМА В ЗАКОНЕ»

22.30 «+100500»

23.30 «ГОЛЫЕ И СМЕШНЫЕ»

00.00 Х/Ф «КРОКОДИЛ» ДАН-ДИ 2»

02.20 Т/С «МОРСКАЯ ПОЛИ-ЦИЯ»

03.20 Х/Ф «БАШМАЧНИК»

05.25 «УЛЕТНОЕ ВИДЕО»

MTV

6.00 MUSIC

7.00 СТЕРЕО УТРО

9.30 HIT CHART

10.30 М/С «ГУБКА БОБ»

11.00 NEWS БЛОК

11.30 ИКОНА ВИДЕОИГР

12.00 13 КИНОЛАЖ

12.30 BY3 NEWS

13.00 ТАЙН.NET

14.00 ШОПОГОЛИКИ

15.00 КАНИКУЛЫ В МЕКСИКЕ

16.00 HIT CHART

16.30 ART-КОКТЕЙЛЬ

17.00 КАНИКУЛЫ В МЕКСИКЕ

19.00 ШОПОГОЛИКИ

20.00 КЛУБ. СЕРИАЛ

22.00 ТАЧКУ НА ПРОКАЧКУ

22.30 ТРЕНДИ

23.00 НОЧЬ НА ВИЛЛЕ

00.10 ПЛЯЖ

01.00 БУДУ РОЖАТЬ

02.00 MUSIC

ЦТУ

6.00 Т/С «ЗЕНА - КОРОЛЕВА ВОИНОВ»

7.00 МУЛЬТФИЛЬМЫ

9.15 Х/Ф «РОККИ - 3»

11.15 УДИВИ МЕНЯ. НОН-СТОП

16.00 Х/Ф «ГАРРИ ПОТТЕР И ТАЙНАЯ КОМНАТА»

19.00 Х/Ф «БЛОНДИНКА В ЗА-КОНЕ - 2»

21.00 Х/Ф «ПРИСТРЕЛИ ИХ»

22.45 Д/Ф «ЭФФЕКТ НОСТРА-ДАМУСА»

23.30 Х/Ф «РОБ РОЙ»

02.15 Х/Ф «СЛАДКИЙ НО-ЯБРЬ»

04.45 Т/С «МЕЧЕНЫЙ»

05.45 МУЛЬТФИЛЬМ
